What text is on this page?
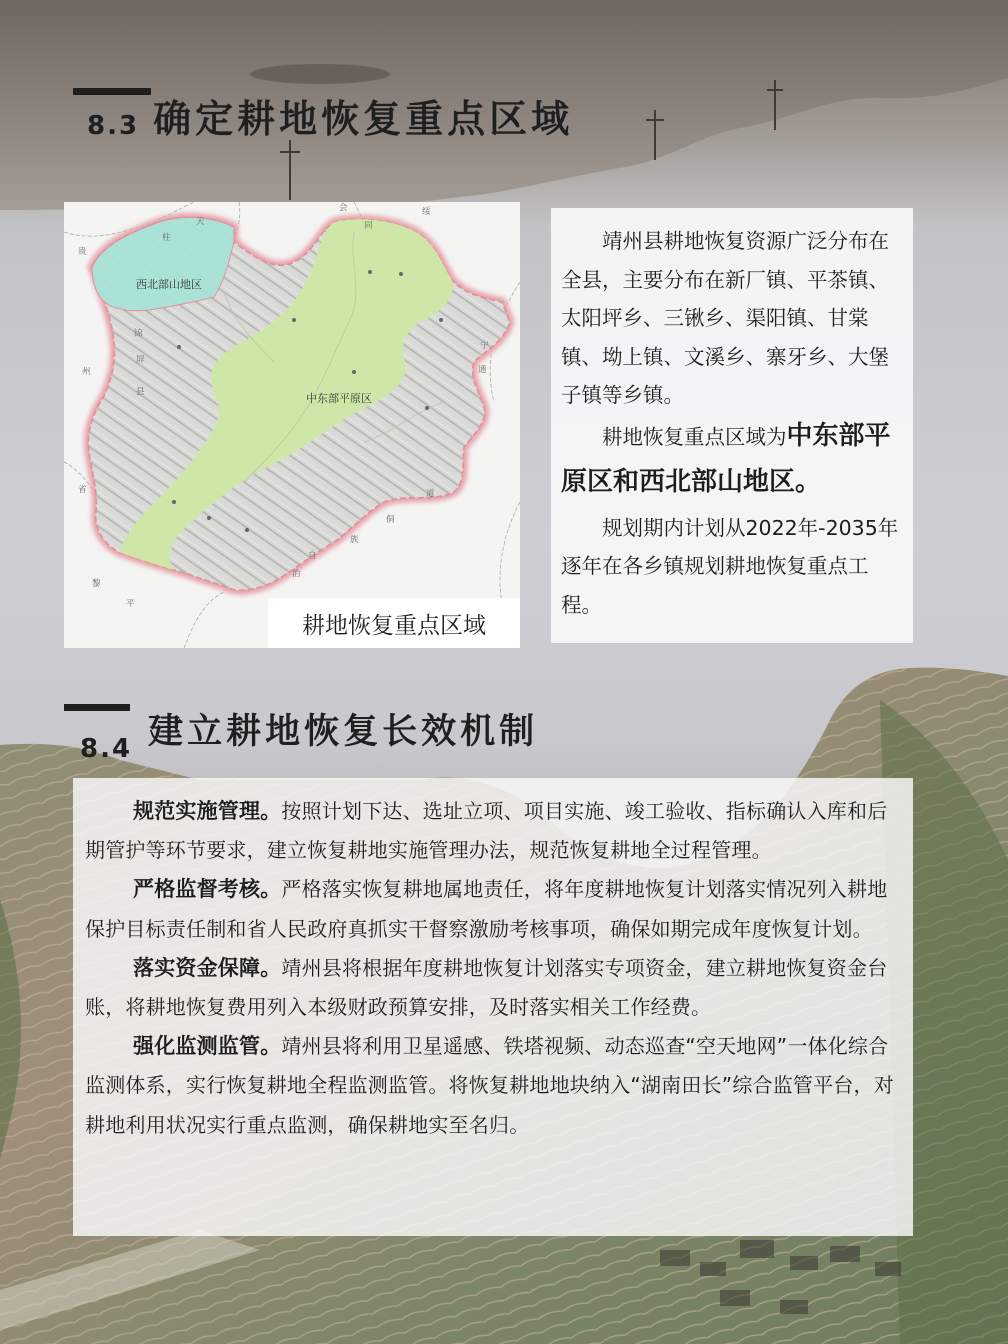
8.3 确定耕地恢复重点区域
西北部山地区
中东部平原区
贵
州
省
锦
屏
县
黎
平
天
柱
会
同
绥
宁
通
道
侗
族
自
治
耕地恢复重点区域

靖州县耕地恢复资源广泛分布在全县，主要分布在新厂镇、平茶镇、太阳坪乡、三锹乡、渠阳镇、甘棠镇、坳上镇、文溪乡、寨牙乡、大堡子镇等乡镇。

耕地恢复重点区域为中东部平原区和西北部山地区。

规划期内计划从2022年-2035年逐年在各乡镇规划耕地恢复重点工程。

8.4 建立耕地恢复长效机制

规范实施管理。按照计划下达、选址立项、项目实施、竣工验收、指标确认入库和后期管护等环节要求，建立恢复耕地实施管理办法，规范恢复耕地全过程管理。

严格监督考核。严格落实恢复耕地属地责任，将年度耕地恢复计划落实情况列入耕地保护目标责任制和省人民政府真抓实干督察激励考核事项，确保如期完成年度恢复计划。

落实资金保障。靖州县将根据年度耕地恢复计划落实专项资金，建立耕地恢复资金台账，将耕地恢复费用列入本级财政预算安排，及时落实相关工作经费。

强化监测监管。靖州县将利用卫星遥感、铁塔视频、动态巡查“空天地网”一体化综合监测体系，实行恢复耕地全程监测监管。将恢复耕地地块纳入“湖南田长”综合监管平台，对耕地利用状况实行重点监测，确保耕地实至名归。
